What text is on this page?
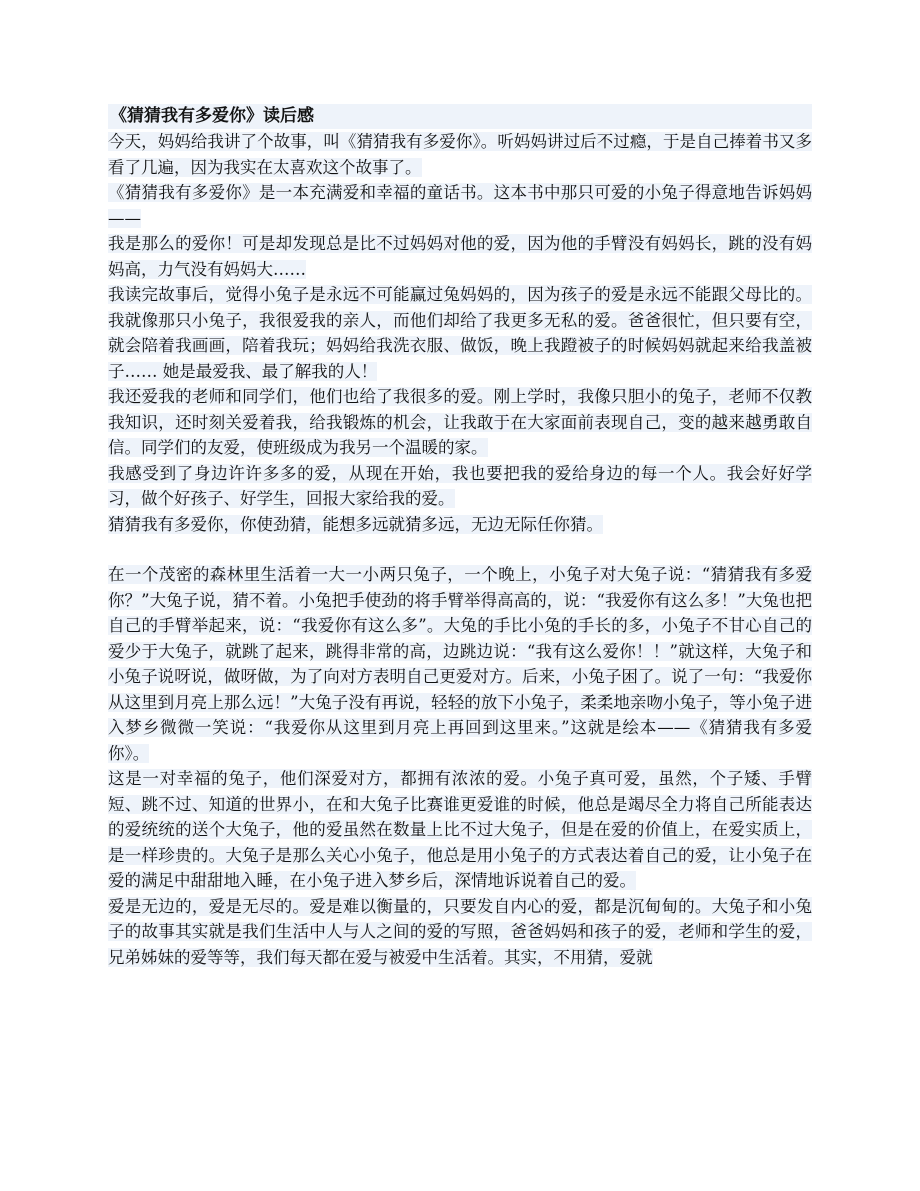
《猜猜我有多爱你》读后感

今天，妈妈给我讲了个故事，叫《猜猜我有多爱你》。听妈妈讲过后不过瘾，于是自己捧着书又多看了几遍，因为我实在太喜欢这个故事了。

《猜猜我有多爱你》是一本充满爱和幸福的童话书。这本书中那只可爱的小兔子得意地告诉妈妈——

我是那么的爱你！可是却发现总是比不过妈妈对他的爱，因为他的手臂没有妈妈长，跳的没有妈妈高，力气没有妈妈大……

我读完故事后，觉得小兔子是永远不可能赢过兔妈妈的，因为孩子的爱是永远不能跟父母比的。我就像那只小兔子，我很爱我的亲人，而他们却给了我更多无私的爱。爸爸很忙，但只要有空，就会陪着我画画，陪着我玩；妈妈给我洗衣服、做饭，晚上我蹬被子的时候妈妈就起来给我盖被子…… 她是最爱我、最了解我的人！

我还爱我的老师和同学们，他们也给了我很多的爱。刚上学时，我像只胆小的兔子，老师不仅教我知识，还时刻关爱着我，给我锻炼的机会，让我敢于在大家面前表现自己，变的越来越勇敢自信。同学们的友爱，使班级成为我另一个温暖的家。

我感受到了身边许许多多的爱，从现在开始，我也要把我的爱给身边的每一个人。我会好好学习，做个好孩子、好学生，回报大家给我的爱。

猜猜我有多爱你，你使劲猜，能想多远就猜多远，无边无际任你猜。

在一个茂密的森林里生活着一大一小两只兔子，一个晚上，小兔子对大兔子说：“猜猜我有多爱你？”大兔子说，猜不着。小兔把手使劲的将手臂举得高高的，说：“我爱你有这么多！”大兔也把自己的手臂举起来，说：“我爱你有这么多”。大兔的手比小兔的手长的多，小兔子不甘心自己的爱少于大兔子，就跳了起来，跳得非常的高，边跳边说：“我有这么爱你！！”就这样，大兔子和小兔子说呀说，做呀做，为了向对方表明自己更爱对方。后来，小兔子困了。说了一句：“我爱你从这里到月亮上那么远！”大兔子没有再说，轻轻的放下小兔子，柔柔地亲吻小兔子，等小兔子进入梦乡微微一笑说：“我爱你从这里到月亮上再回到这里来。”这就是绘本——《猜猜我有多爱你》。

这是一对幸福的兔子，他们深爱对方，都拥有浓浓的爱。小兔子真可爱，虽然，个子矮、手臂短、跳不过、知道的世界小，在和大兔子比赛谁更爱谁的时候，他总是竭尽全力将自己所能表达的爱统统的送个大兔子，他的爱虽然在数量上比不过大兔子，但是在爱的价值上，在爱实质上，是一样珍贵的。大兔子是那么关心小兔子，他总是用小兔子的方式表达着自己的爱，让小兔子在爱的满足中甜甜地入睡，在小兔子进入梦乡后，深情地诉说着自己的爱。

爱是无边的，爱是无尽的。爱是难以衡量的，只要发自内心的爱，都是沉甸甸的。大兔子和小兔子的故事其实就是我们生活中人与人之间的爱的写照，爸爸妈妈和孩子的爱，老师和学生的爱，兄弟姊妹的爱等等，我们每天都在爱与被爱中生活着。其实，不用猜，爱就
